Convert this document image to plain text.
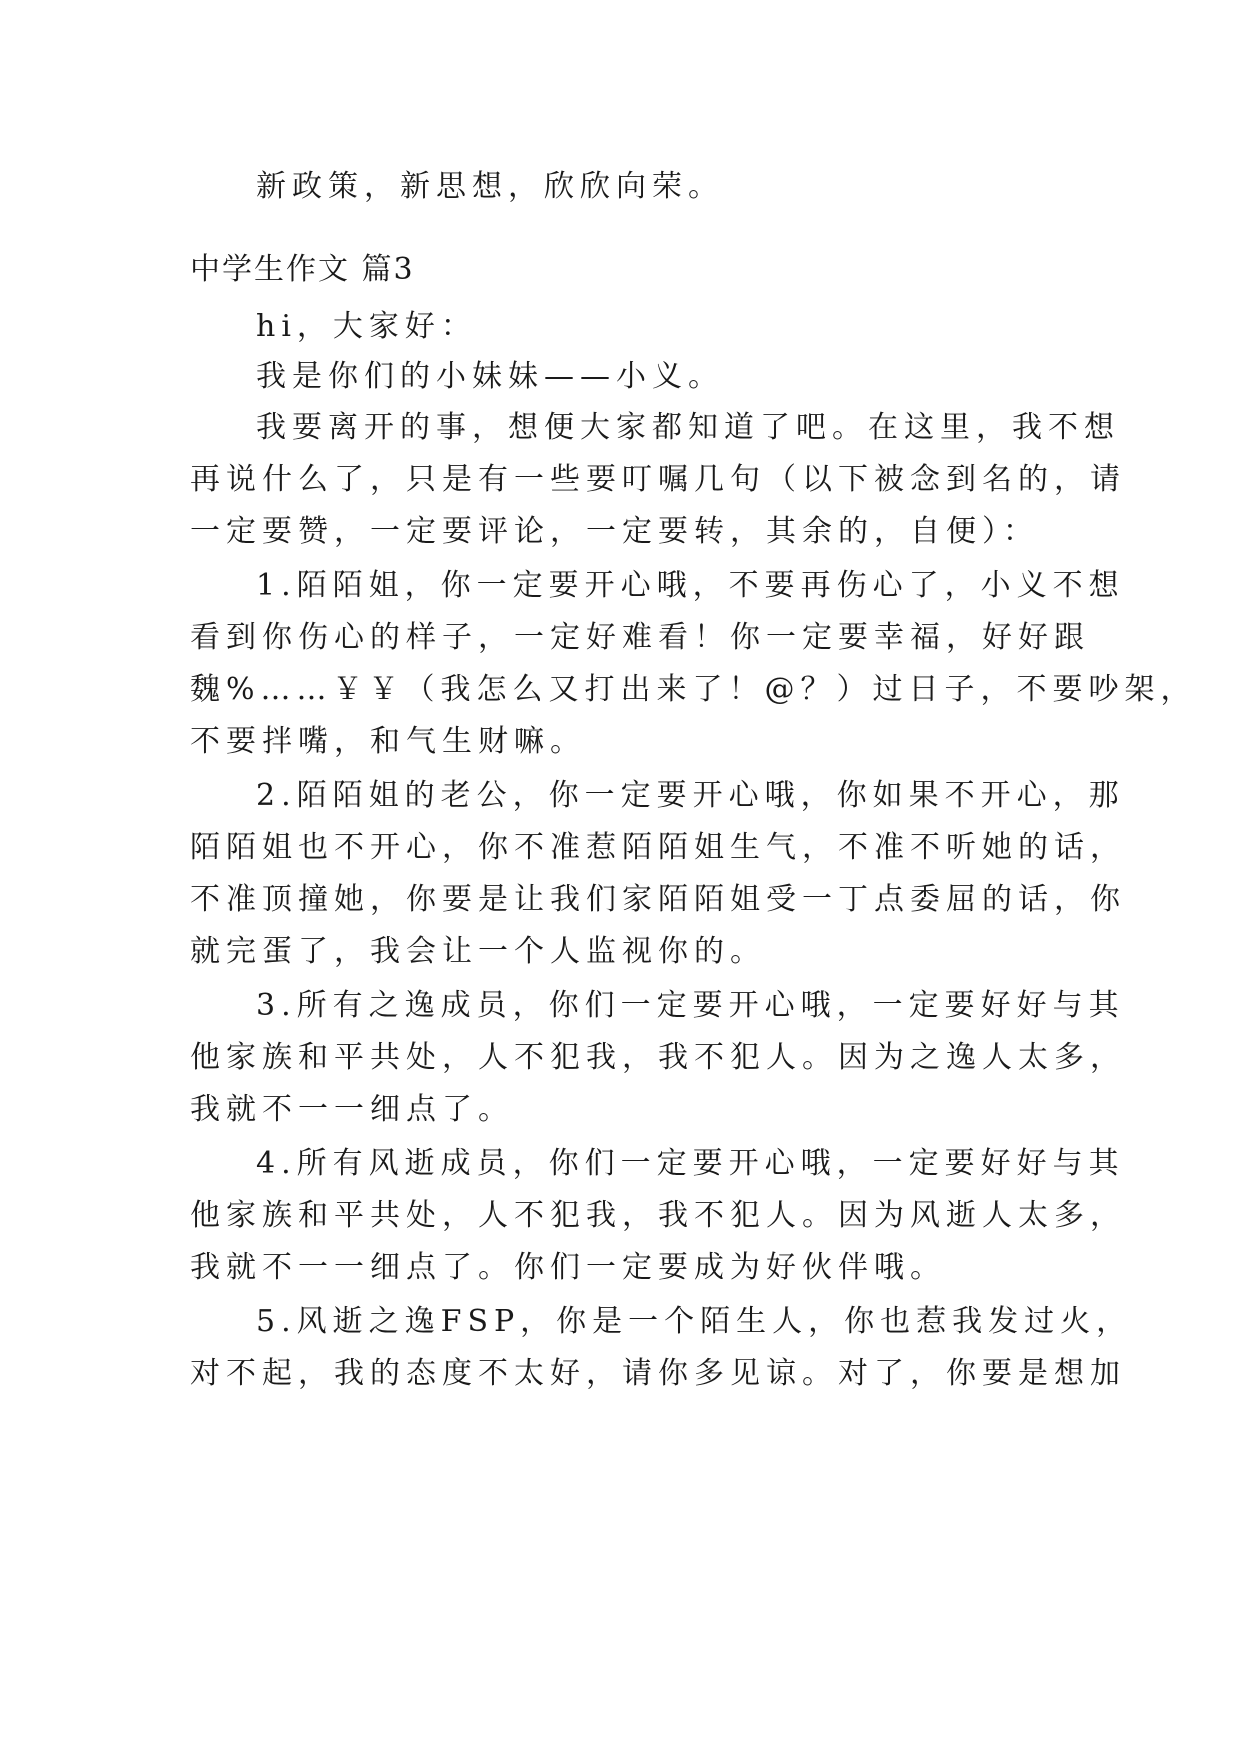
新政策，新思想，欣欣向荣。

中学生作文 篇3

hi，大家好：

我是你们的小妹妹——小义。

我要离开的事，想便大家都知道了吧。在这里，我不想

再说什么了，只是有一些要叮嘱几句（以下被念到名的，请

一定要赞，一定要评论，一定要转，其余的，自便）：

1.陌陌姐，你一定要开心哦，不要再伤心了，小义不想

看到你伤心的样子，一定好难看！你一定要幸福，好好跟

魏%……￥￥（我怎么又打出来了！@？）过日子，不要吵架，

不要拌嘴，和气生财嘛。

2.陌陌姐的老公，你一定要开心哦，你如果不开心，那

陌陌姐也不开心，你不准惹陌陌姐生气，不准不听她的话，

不准顶撞她，你要是让我们家陌陌姐受一丁点委屈的话，你

就完蛋了，我会让一个人监视你的。

3.所有之逸成员，你们一定要开心哦，一定要好好与其

他家族和平共处，人不犯我，我不犯人。因为之逸人太多，

我就不一一细点了。

4.所有风逝成员，你们一定要开心哦，一定要好好与其

他家族和平共处，人不犯我，我不犯人。因为风逝人太多，

我就不一一细点了。你们一定要成为好伙伴哦。

5.风逝之逸FSP，你是一个陌生人，你也惹我发过火，

对不起，我的态度不太好，请你多见谅。对了，你要是想加
